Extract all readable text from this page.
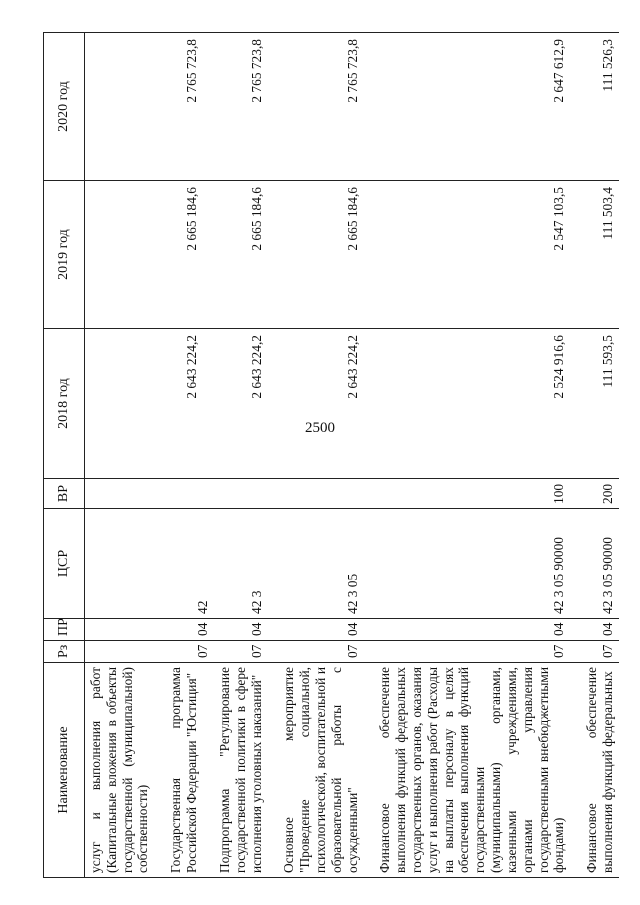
2500
Наименование	Рз	ПР	ЦСР	ВР	2018 год	2019 год	2020 год
услуг и выполнения работ (Капитальные вложения в объекты государственной (муниципальной) собственности)							
Государственная программа Российской Федерации "Юстиция"	07	04	42		2 643 224,2	2 665 184,6	2 765 723,8
Подпрограмма "Регулирование государственной политики в сфере исполнения уголовных наказаний"	07	04	42 3		2 643 224,2	2 665 184,6	2 765 723,8
Основное мероприятие "Проведение социальной, психологической, воспитательной и образовательной работы с осужденными"	07	04	42 3 05		2 643 224,2	2 665 184,6	2 765 723,8
Финансовое обеспечение выполнения функций федеральных государственных органов, оказания услуг и выполнения работ (Расходы на выплаты персоналу в целях обеспечения выполнения функций государственными (муниципальными) органами, казенными учреждениями, органами управления государственными внебюджетными фондами)	07	04	42 3 05 90000	100	2 524 916,6	2 547 103,5	2 647 612,9
Финансовое обеспечение выполнения функций федеральных	07	04	42 3 05 90000	200	111 593,5	111 503,4	111 526,3
